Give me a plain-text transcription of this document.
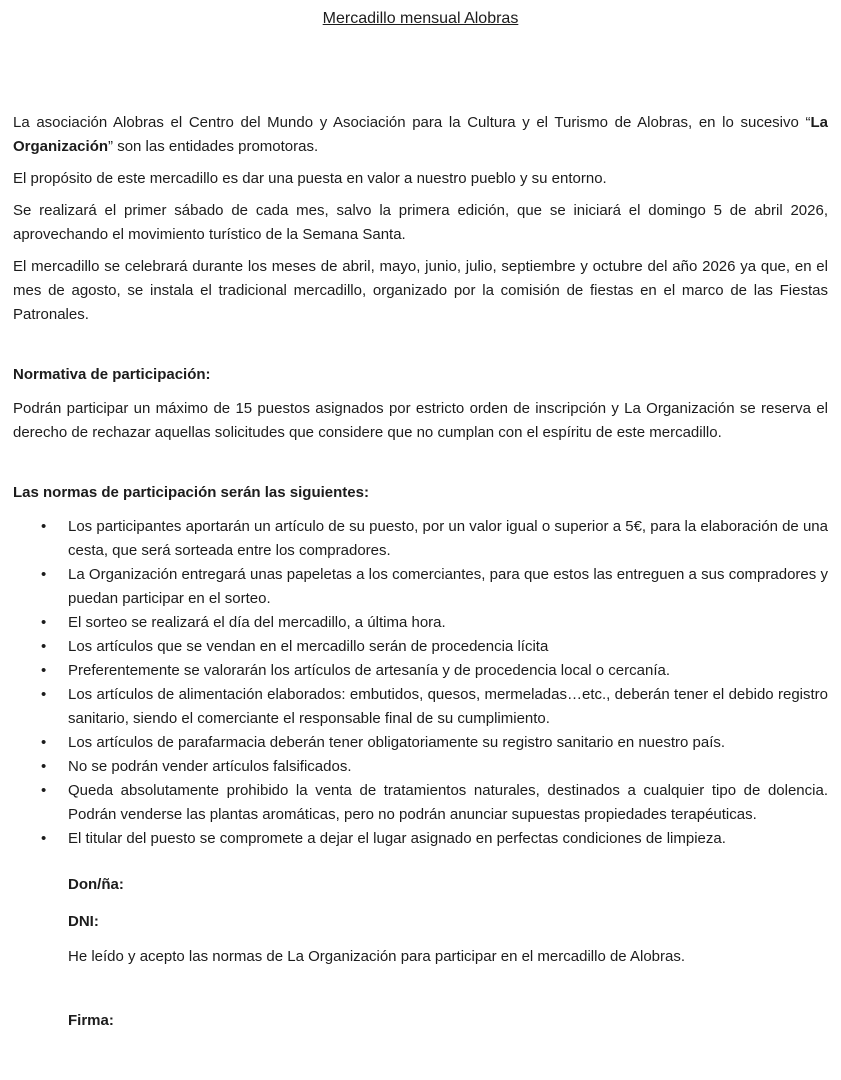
Mercadillo mensual Alobras

La asociación Alobras el Centro del Mundo y Asociación para la Cultura y el Turismo de Alobras, en lo sucesivo “La Organización” son las entidades promotoras.

El propósito de este mercadillo es dar una puesta en valor a nuestro pueblo y su entorno.

Se realizará el primer sábado de cada mes, salvo la primera edición, que se iniciará el domingo 5 de abril 2026, aprovechando el movimiento turístico de la Semana Santa.

El mercadillo se celebrará durante los meses de abril, mayo, junio, julio, septiembre y octubre del año 2026 ya que, en el mes de agosto, se instala el tradicional mercadillo, organizado por la comisión de fiestas en el marco de las Fiestas Patronales.

Normativa de participación:

Podrán participar un máximo de 15 puestos asignados por estricto orden de inscripción y La Organización se reserva el derecho de rechazar aquellas solicitudes que considere que no cumplan con el espíritu de este mercadillo.

Las normas de participación serán las siguientes:
• Los participantes aportarán un artículo de su puesto, por un valor igual o superior a 5€, para la elaboración de una cesta, que será sorteada entre los compradores.
• La Organización entregará unas papeletas a los comerciantes, para que estos las entreguen a sus compradores y puedan participar en el sorteo.
• El sorteo se realizará el día del mercadillo, a última hora.
• Los artículos que se vendan en el mercadillo serán de procedencia lícita
• Preferentemente se valorarán los artículos de artesanía y de procedencia local o cercanía.
• Los artículos de alimentación elaborados: embutidos, quesos, mermeladas…etc., deberán tener el debido registro sanitario, siendo el comerciante el responsable final de su cumplimiento.
• Los artículos de parafarmacia deberán tener obligatoriamente su registro sanitario en nuestro país.
• No se podrán vender artículos falsificados.
• Queda absolutamente prohibido la venta de tratamientos naturales, destinados a cualquier tipo de dolencia. Podrán venderse las plantas aromáticas, pero no podrán anunciar supuestas propiedades terapéuticas.
• El titular del puesto se compromete a dejar el lugar asignado en perfectas condiciones de limpieza.

Don/ña:

DNI:

He leído y acepto las normas de La Organización para participar en el mercadillo de Alobras.

Firma:
